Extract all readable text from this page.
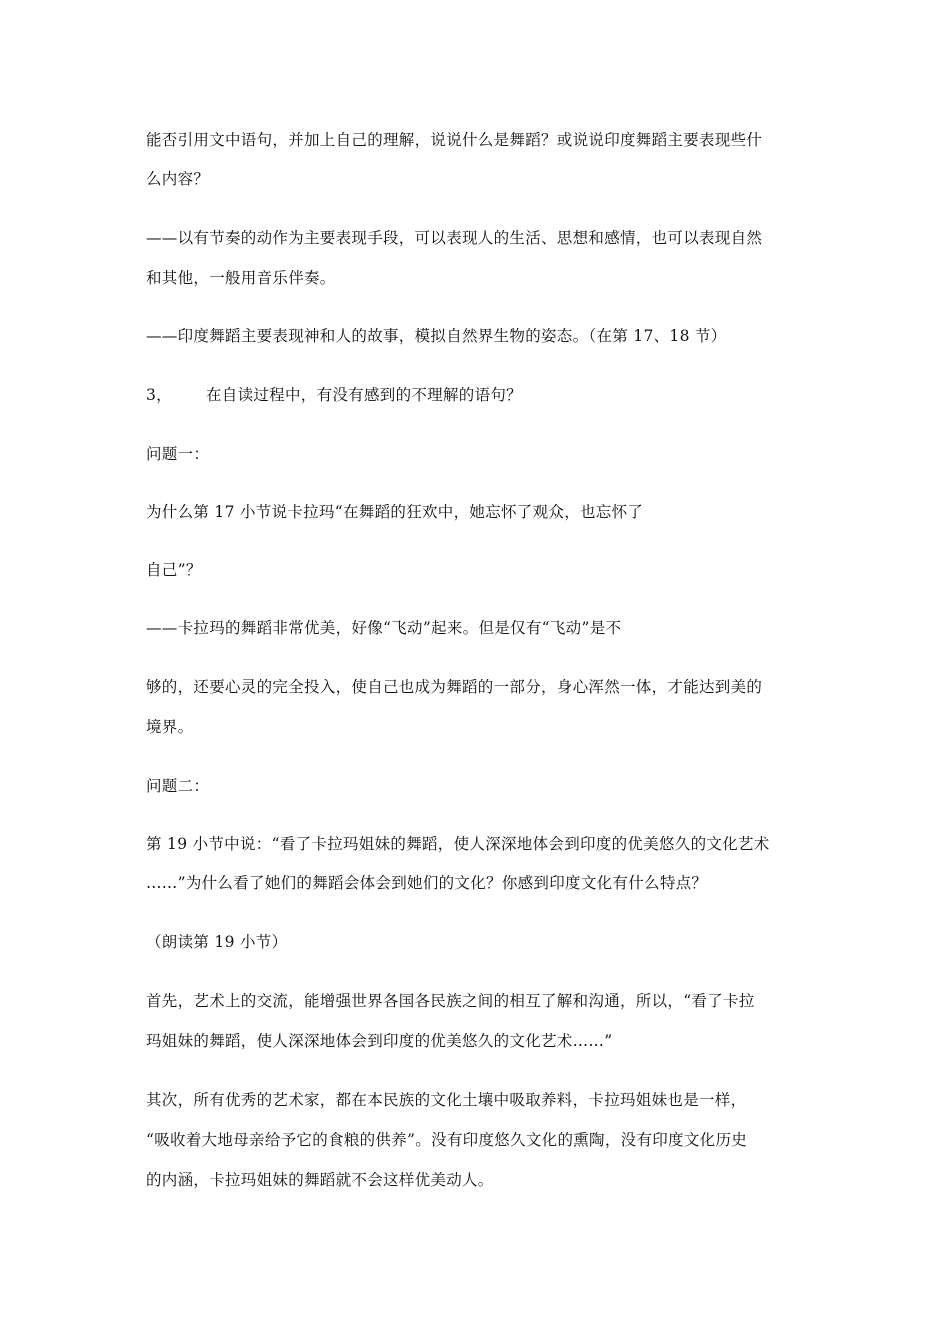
能否引用文中语句，并加上自己的理解，说说什么是舞蹈？或说说印度舞蹈主要表现些什
么内容？
——以有节奏的动作为主要表现手段，可以表现人的生活、思想和感情，也可以表现自然
和其他，一般用音乐伴奏。
——印度舞蹈主要表现神和人的故事，模拟自然界生物的姿态。（在第 17、18 节）
3， 在自读过程中，有没有感到的不理解的语句？
问题一：
为什么第 17 小节说卡拉玛“在舞蹈的狂欢中，她忘怀了观众，也忘怀了
自己”？
——卡拉玛的舞蹈非常优美，好像“飞动”起来。但是仅有“飞动”是不
够的，还要心灵的完全投入，使自己也成为舞蹈的一部分，身心浑然一体，才能达到美的
境界。
问题二：
第 19 小节中说：“看了卡拉玛姐妹的舞蹈，使人深深地体会到印度的优美悠久的文化艺术
……”为什么看了她们的舞蹈会体会到她们的文化？你感到印度文化有什么特点？
（朗读第 19 小节）
首先，艺术上的交流，能增强世界各国各民族之间的相互了解和沟通，所以，“看了卡拉
玛姐妹的舞蹈，使人深深地体会到印度的优美悠久的文化艺术……”
其次，所有优秀的艺术家，都在本民族的文化土壤中吸取养料，卡拉玛姐妹也是一样，
“吸收着大地母亲给予它的食粮的供养”。没有印度悠久文化的熏陶，没有印度文化历史
的内涵，卡拉玛姐妹的舞蹈就不会这样优美动人。
